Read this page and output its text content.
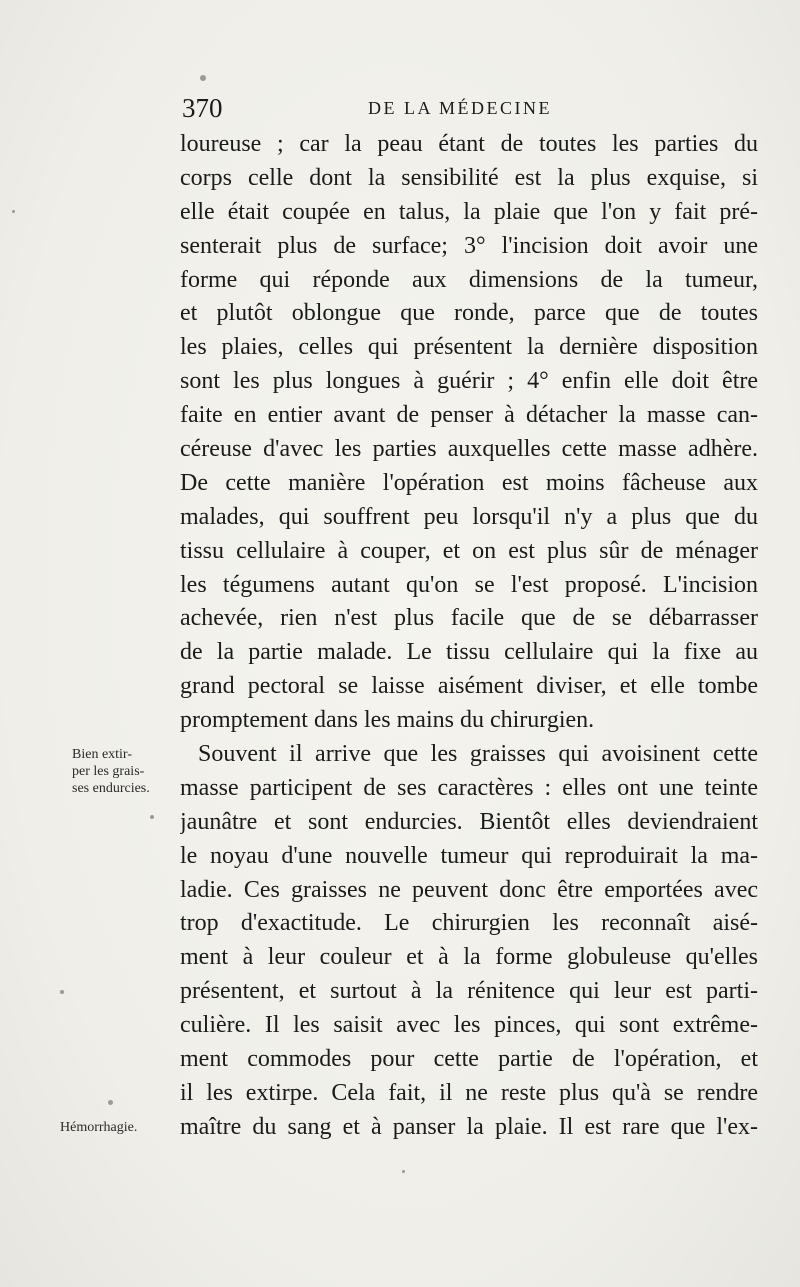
370	DE LA MÉDECINE
loureuse ; car la peau étant de toutes les parties du
corps celle dont la sensibilité est la plus exquise, si
elle était coupée en talus, la plaie que l'on y fait pré-
senterait plus de surface; 3° l'incision doit avoir une
forme qui réponde aux dimensions de la tumeur,
et plutôt oblongue que ronde, parce que de toutes
les plaies, celles qui présentent la dernière disposition
sont les plus longues à guérir ; 4° enfin elle doit être
faite en entier avant de penser à détacher la masse can-
céreuse d'avec les parties auxquelles cette masse adhère.
De cette manière l'opération est moins fâcheuse aux
malades, qui souffrent peu lorsqu'il n'y a plus que du
tissu cellulaire à couper, et on est plus sûr de ménager
les tégumens autant qu'on se l'est proposé. L'incision
achevée, rien n'est plus facile que de se débarrasser
de la partie malade. Le tissu cellulaire qui la fixe au
grand pectoral se laisse aisément diviser, et elle tombe
promptement dans les mains du chirurgien.
Souvent il arrive que les graisses qui avoisinent cette
masse participent de ses caractères : elles ont une teinte
jaunâtre et sont endurcies. Bientôt elles deviendraient
le noyau d'une nouvelle tumeur qui reproduirait la ma-
ladie. Ces graisses ne peuvent donc être emportées avec
trop d'exactitude. Le chirurgien les reconnaît aisé-
ment à leur couleur et à la forme globuleuse qu'elles
présentent, et surtout à la rénitence qui leur est parti-
culière. Il les saisit avec les pinces, qui sont extrême-
ment commodes pour cette partie de l'opération, et
il les extirpe. Cela fait, il ne reste plus qu'à se rendre
maître du sang et à panser la plaie. Il est rare que l'ex-
Bien extir-
per les grais-
ses endurcies.
Hémorrhagie.
